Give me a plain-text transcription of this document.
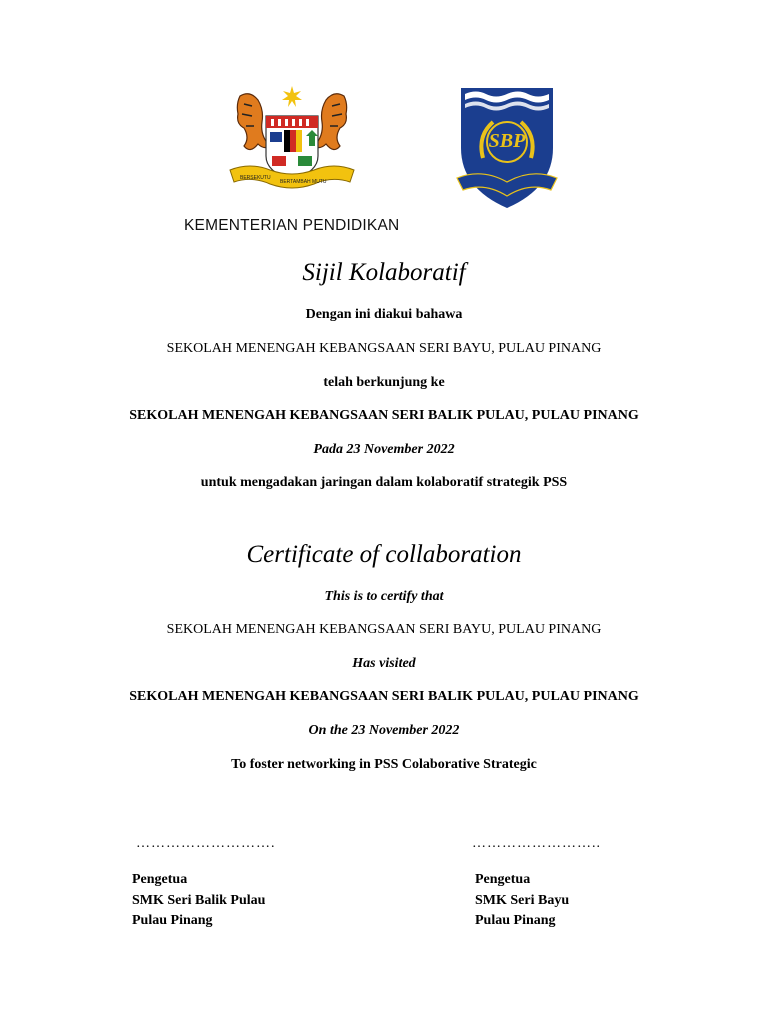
BERSEKUTU
BERTAMBAH MUTU
SBP
KEMENTERIAN PENDIDIKAN
Sijil Kolaboratif
Dengan ini diakui bahawa
SEKOLAH MENENGAH KEBANGSAAN SERI BAYU, PULAU PINANG
telah berkunjung ke
SEKOLAH MENENGAH KEBANGSAAN SERI BALIK PULAU, PULAU PINANG
Pada 23 November 2022
untuk mengadakan jaringan dalam kolaboratif strategik PSS
Certificate of collaboration
This is to certify that
SEKOLAH MENENGAH KEBANGSAAN SERI BAYU, PULAU PINANG
Has visited
SEKOLAH MENENGAH KEBANGSAAN SERI BALIK PULAU, PULAU PINANG
On the 23 November 2022
To foster networking in PSS Colaborative Strategic
……………………….	……………………..
Pengetua
SMK Seri Balik Pulau
Pulau Pinang
Pengetua
SMK Seri Bayu
Pulau Pinang
